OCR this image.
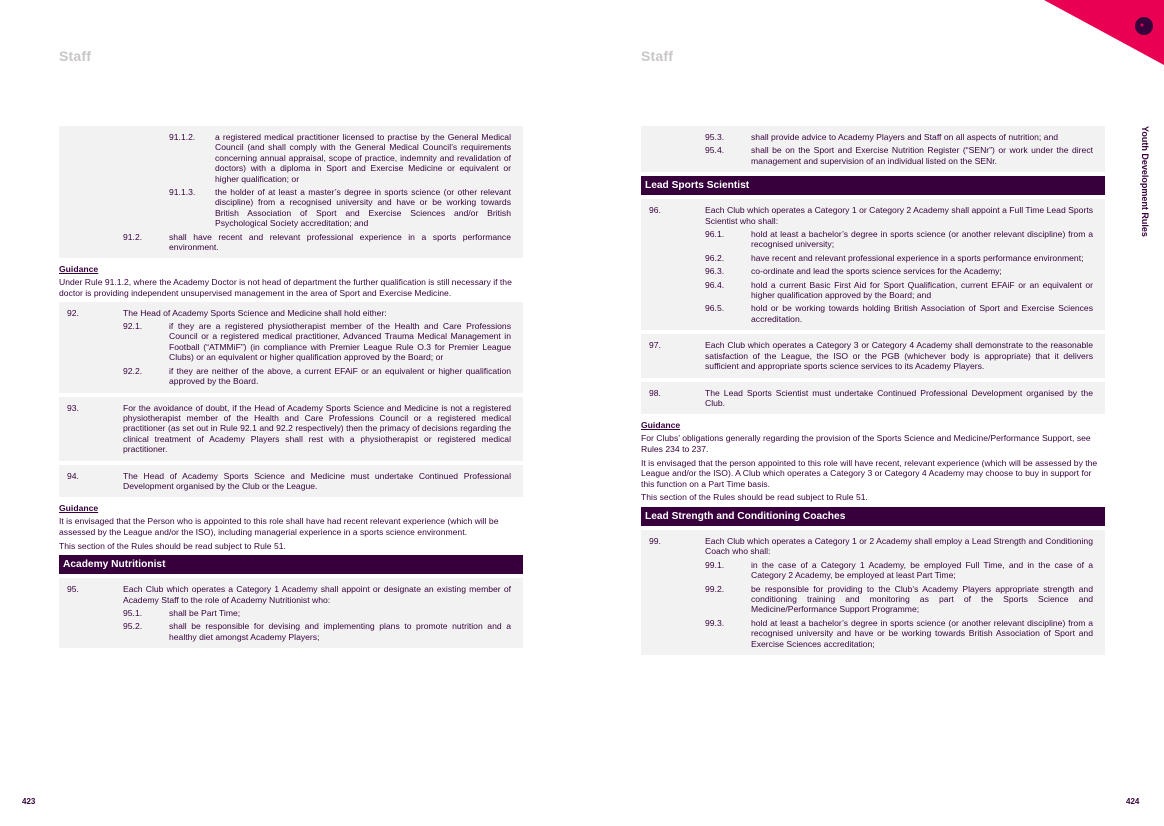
Staff
91.1.2.	a registered medical practitioner licensed to practise by the General Medical Council (and shall comply with the General Medical Council’s requirements concerning annual appraisal, scope of practice, indemnity and revalidation of doctors) with a diploma in Sport and Exercise Medicine or equivalent or higher qualification; or
91.1.3.	the holder of at least a master’s degree in sports science (or other relevant discipline) from a recognised university and have or be working towards British Association of Sport and Exercise Sciences and/or British Psychological Society accreditation; and
91.2.	shall have recent and relevant professional experience in a sports performance environment.
Guidance

Under Rule 91.1.2, where the Academy Doctor is not head of department the further qualification is still necessary if the doctor is providing independent unsupervised management in the area of Sport and Exercise Medicine.

92.	The Head of Academy Sports Science and Medicine shall hold either:
92.1.	if they are a registered physiotherapist member of the Health and Care Professions Council or a registered medical practitioner, Advanced Trauma Medical Management in Football (“ATMMiF”) (in compliance with Premier League Rule O.3 for Premier League Clubs) or an equivalent or higher qualification approved by the Board; or
92.2.	if they are neither of the above, a current EFAiF or an equivalent or higher qualification approved by the Board.
93.	For the avoidance of doubt, if the Head of Academy Sports Science and Medicine is not a registered physiotherapist member of the Health and Care Professions Council or a registered medical practitioner (as set out in Rule 92.1 and 92.2 respectively) then the primacy of decisions regarding the clinical treatment of Academy Players shall rest with a physiotherapist or registered medical practitioner.
94.	The Head of Academy Sports Science and Medicine must undertake Continued Professional Development organised by the Club or the League.
Guidance

It is envisaged that the Person who is appointed to this role shall have had recent relevant experience (which will be assessed by the League and/or the ISO), including managerial experience in a sports science environment.

This section of the Rules should be read subject to Rule 51.

Academy Nutritionist
95.	Each Club which operates a Category 1 Academy shall appoint or designate an existing member of Academy Staff to the role of Academy Nutritionist who:
95.1.	shall be Part Time;
95.2.	shall be responsible for devising and implementing plans to promote nutrition and a healthy diet amongst Academy Players;
423
Staff
Youth Development Rules
95.3.	shall provide advice to Academy Players and Staff on all aspects of nutrition; and
95.4.	shall be on the Sport and Exercise Nutrition Register (“SENr”) or work under the direct management and supervision of an individual listed on the SENr.
Lead Sports Scientist
96.	Each Club which operates a Category 1 or Category 2 Academy shall appoint a Full Time Lead Sports Scientist who shall:
96.1.	hold at least a bachelor’s degree in sports science (or another relevant discipline) from a recognised university;
96.2.	have recent and relevant professional experience in a sports performance environment;
96.3.	co-ordinate and lead the sports science services for the Academy;
96.4.	hold a current Basic First Aid for Sport Qualification, current EFAiF or an equivalent or higher qualification approved by the Board; and
96.5.	hold or be working towards holding British Association of Sport and Exercise Sciences accreditation.
97.	Each Club which operates a Category 3 or Category 4 Academy shall demonstrate to the reasonable satisfaction of the League, the ISO or the PGB (whichever body is appropriate) that it delivers sufficient and appropriate sports science services to its Academy Players.
98.	The Lead Sports Scientist must undertake Continued Professional Development organised by the Club.
Guidance

For Clubs’ obligations generally regarding the provision of the Sports Science and Medicine/Performance Support, see Rules 234 to 237.

It is envisaged that the person appointed to this role will have recent, relevant experience (which will be assessed by the League and/or the ISO). A Club which operates a Category 3 or Category 4 Academy may choose to buy in support for this function on a Part Time basis.

This section of the Rules should be read subject to Rule 51.

Lead Strength and Conditioning Coaches
99.	Each Club which operates a Category 1 or 2 Academy shall employ a Lead Strength and Conditioning Coach who shall:
99.1.	in the case of a Category 1 Academy, be employed Full Time, and in the case of a Category 2 Academy, be employed at least Part Time;
99.2.	be responsible for providing to the Club’s Academy Players appropriate strength and conditioning training and monitoring as part of the Sports Science and Medicine/Performance Support Programme;
99.3.	hold at least a bachelor’s degree in sports science (or another relevant discipline) from a recognised university and have or be working towards British Association of Sport and Exercise Sciences accreditation;
424
